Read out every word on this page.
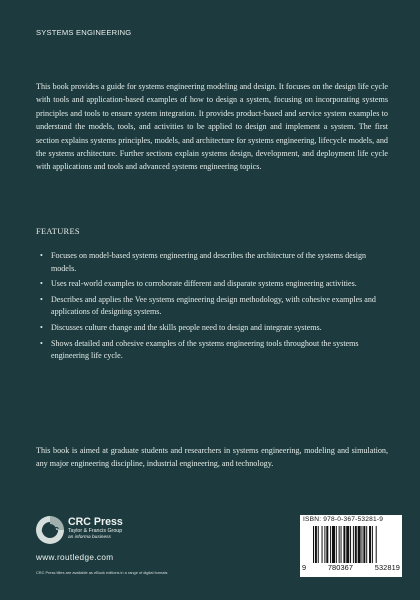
SYSTEMS ENGINEERING
This book provides a guide for systems engineering modeling and design. It focuses on the design life cycle with tools and application-based examples of how to design a system, focusing on incorporating systems principles and tools to ensure system integration. It provides product-based and service system examples to understand the models, tools, and activities to be applied to design and implement a system. The first section explains systems principles, models, and architecture for systems engineering, lifecycle models, and the systems architecture. Further sections explain systems design, development, and deployment life cycle with applications and tools and advanced systems engineering topics.
FEATURES
• Focuses on model-based systems engineering and describes the architecture of the systems design models.
• Uses real-world examples to corroborate different and disparate systems engineering activities.
• Describes and applies the Vee systems engineering design methodology, with cohesive examples and applications of designing systems.
• Discusses culture change and the skills people need to design and integrate systems.
• Shows detailed and cohesive examples of the systems engineering tools throughout the systems engineering life cycle.
This book is aimed at graduate students and researchers in systems engineering, modeling and simulation, any major engineering discipline, industrial engineering, and technology.
CRC
CRC Press
Taylor & Francis Group
an informa business
www.routledge.com
CRC Press titles are available as eBook editions in a range of digital formats
ISBN: 978-0-367-53281-9
9	780367	532819
